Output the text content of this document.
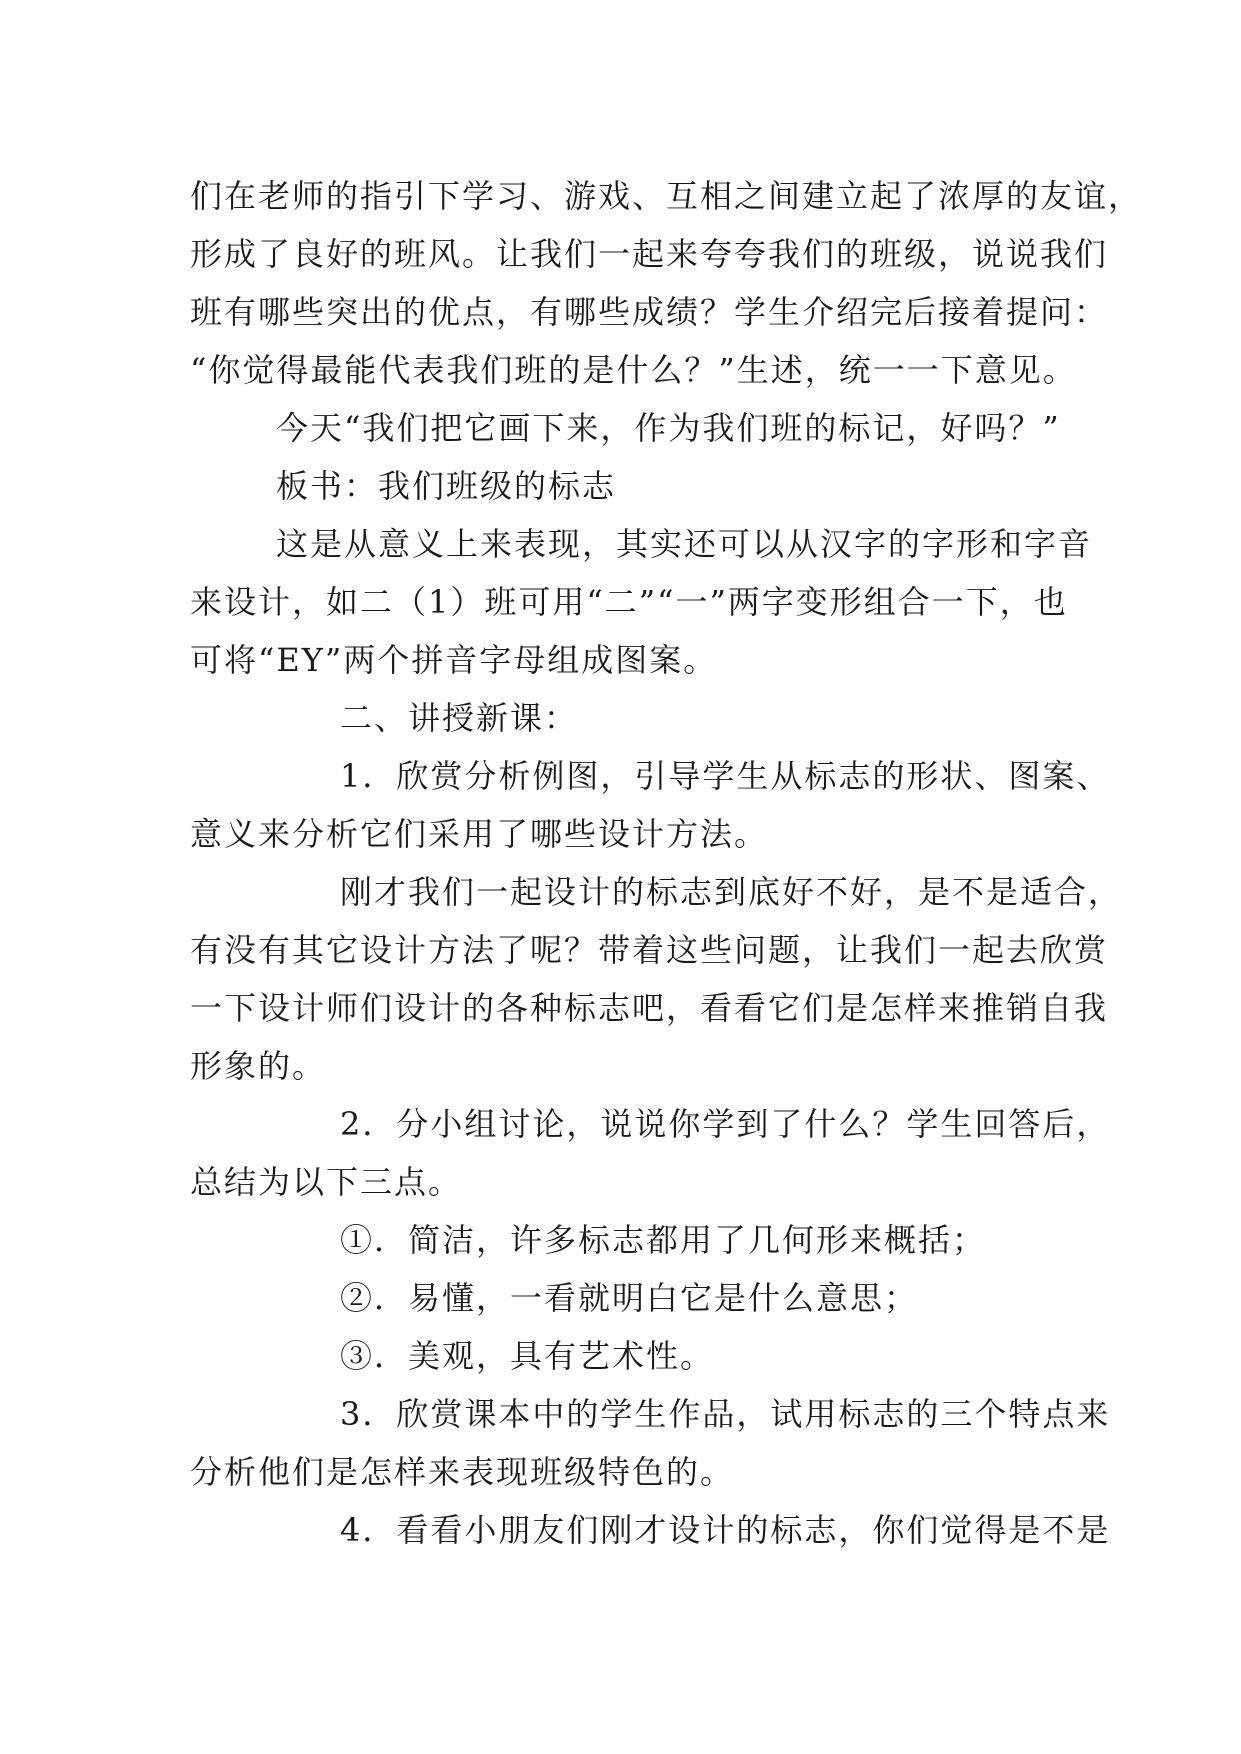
们在老师的指引下学习、游戏、互相之间建立起了浓厚的友谊，
形成了良好的班风。让我们一起来夸夸我们的班级，说说我们
班有哪些突出的优点，有哪些成绩？学生介绍完后接着提问：
“你觉得最能代表我们班的是什么？”生述，统一一下意见。
今天“我们把它画下来，作为我们班的标记，好吗？”
板书：我们班级的标志
这是从意义上来表现，其实还可以从汉字的字形和字音
来设计，如二（1）班可用“二”“一”两字变形组合一下，也
可将“EY”两个拼音字母组成图案。
二、讲授新课：
1．欣赏分析例图，引导学生从标志的形状、图案、
意义来分析它们采用了哪些设计方法。
刚才我们一起设计的标志到底好不好，是不是适合，
有没有其它设计方法了呢？带着这些问题，让我们一起去欣赏
一下设计师们设计的各种标志吧，看看它们是怎样来推销自我
形象的。
2．分小组讨论，说说你学到了什么？学生回答后，
总结为以下三点。
①．简洁，许多标志都用了几何形来概括；
②．易懂，一看就明白它是什么意思；
③．美观，具有艺术性。
3．欣赏课本中的学生作品，试用标志的三个特点来
分析他们是怎样来表现班级特色的。
4．看看小朋友们刚才设计的标志，你们觉得是不是
